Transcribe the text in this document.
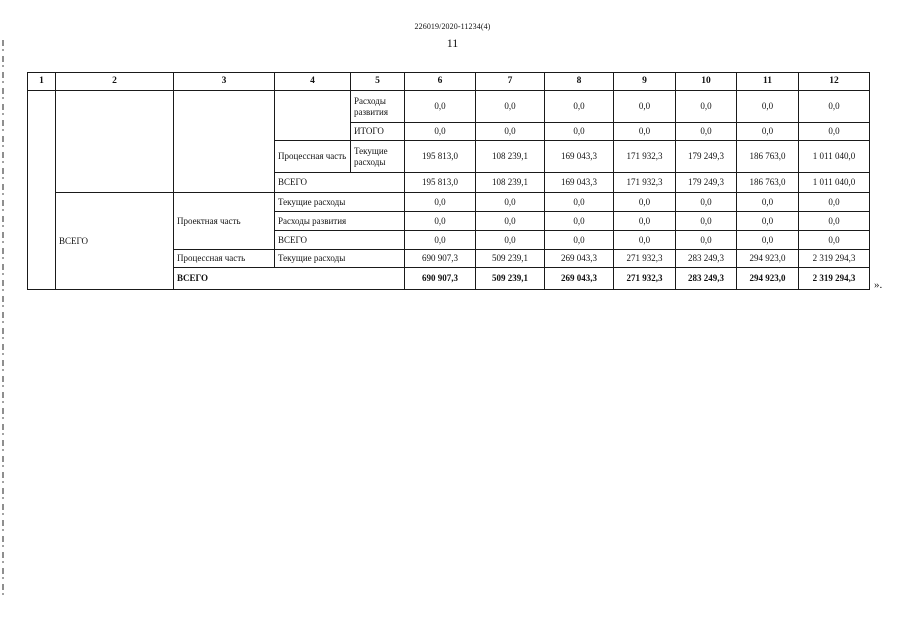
226019/2020-11234(4)
11
1	2	3	4	5	6	7	8	9	10	11	12
				Расходы развития	0,0	0,0	0,0	0,0	0,0	0,0	0,0
				ИТОГО	0,0	0,0	0,0	0,0	0,0	0,0	0,0
			Процессная часть	Текущие расходы	195 813,0	108 239,1	169 043,3	171 932,3	179 249,3	186 763,0	1 011 040,0
			ВСЕГО		195 813,0	108 239,1	169 043,3	171 932,3	179 249,3	186 763,0	1 011 040,0
	ВСЕГО	Проектная часть	Текущие расходы		0,0	0,0	0,0	0,0	0,0	0,0	0,0
			Расходы развития		0,0	0,0	0,0	0,0	0,0	0,0	0,0
			ВСЕГО		0,0	0,0	0,0	0,0	0,0	0,0	0,0
		Процессная часть	Текущие расходы		690 907,3	509 239,1	269 043,3	271 932,3	283 249,3	294 923,0	2 319 294,3
		ВСЕГО			690 907,3	509 239,1	269 043,3	271 932,3	283 249,3	294 923,0	2 319 294,3
».
